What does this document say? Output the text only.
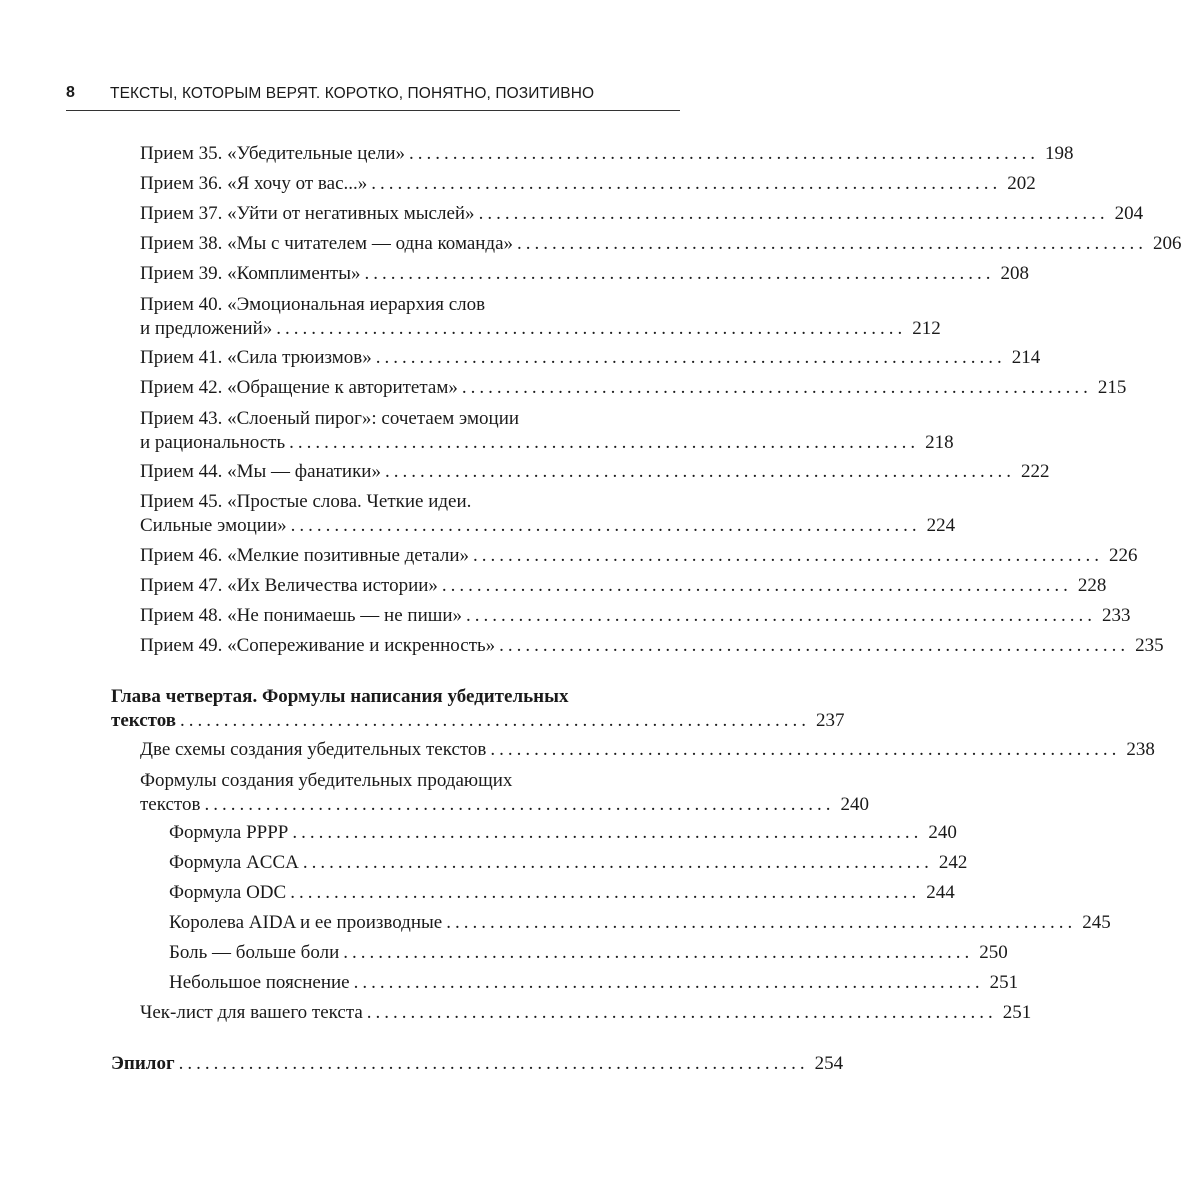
8 ТЕКСТЫ, КОТОРЫМ ВЕРЯТ. КОРОТКО, ПОНЯТНО, ПОЗИТИВНО
Прием 35. «Убедительные цели» ........................................................................ 198
Прием 36. «Я хочу от вас...» ........................................................................ 202
Прием 37. «Уйти от негативных мыслей» ........................................................................ 204
Прием 38. «Мы с читателем — одна команда» ........................................................................ 206
Прием 39. «Комплименты» ........................................................................ 208
Прием 40. «Эмоциональная иерархия слов
и предложений» ........................................................................ 212
Прием 41. «Сила трюизмов» ........................................................................ 214
Прием 42. «Обращение к авторитетам» ........................................................................ 215
Прием 43. «Слоеный пирог»: сочетаем эмоции
и рациональность ........................................................................ 218
Прием 44. «Мы — фанатики» ........................................................................ 222
Прием 45. «Простые слова. Четкие идеи.
Сильные эмоции» ........................................................................ 224
Прием 46. «Мелкие позитивные детали» ........................................................................ 226
Прием 47. «Их Величества истории» ........................................................................ 228
Прием 48. «Не понимаешь — не пиши» ........................................................................ 233
Прием 49. «Сопереживание и искренность» ........................................................................ 235
Глава четвертая. Формулы написания убедительных
текстов ........................................................................ 237
Две схемы создания убедительных текстов ........................................................................ 238
Формулы создания убедительных продающих
текстов ........................................................................ 240
Формула PPPP ........................................................................ 240
Формула ACCA ........................................................................ 242
Формула ODC ........................................................................ 244
Королева AIDA и ее производные ........................................................................ 245
Боль — больше боли ........................................................................ 250
Небольшое пояснение ........................................................................ 251
Чек-лист для вашего текста ........................................................................ 251
Эпилог ........................................................................ 254
